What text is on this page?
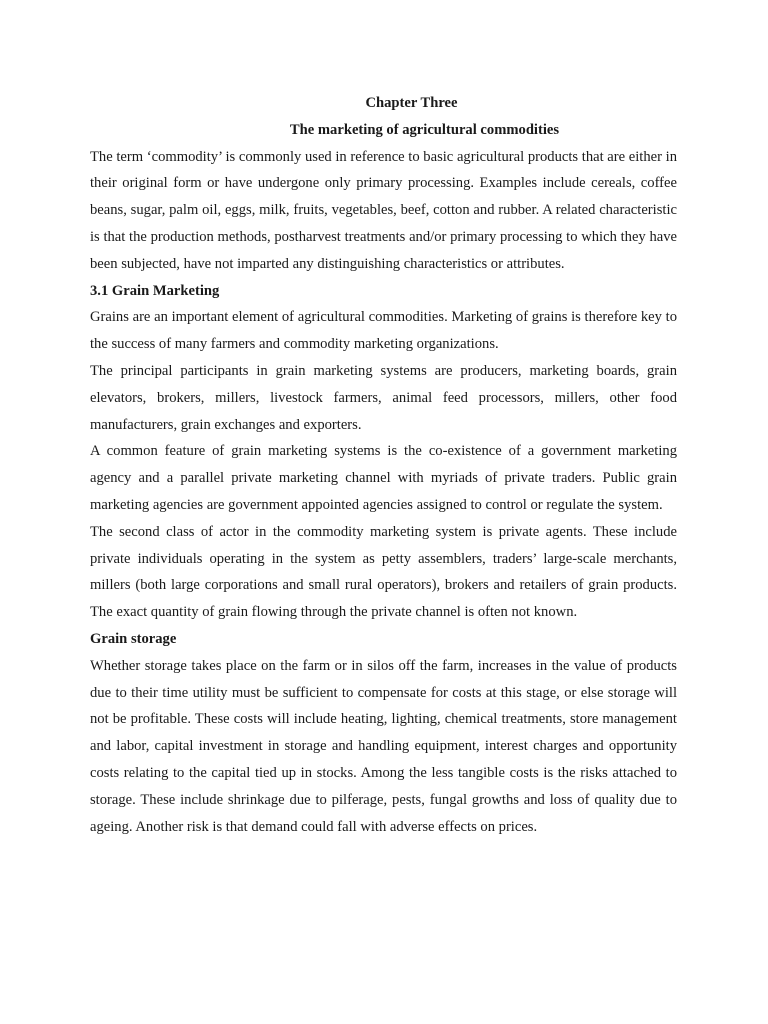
Chapter Three
The marketing of agricultural commodities

The term ‘commodity’ is commonly used in reference to basic agricultural products that are either in their original form or have undergone only primary processing. Examples include cereals, coffee beans, sugar, palm oil, eggs, milk, fruits, vegetables, beef, cotton and rubber. A related characteristic is that the production methods, postharvest treatments and/or primary processing to which they have been subjected, have not imparted any distinguishing characteristics or attributes.

3.1 Grain Marketing

Grains are an important element of agricultural commodities. Marketing of grains is therefore key to the success of many farmers and commodity marketing organizations.

The principal participants in grain marketing systems are producers, marketing boards, grain elevators, brokers, millers, livestock farmers, animal feed processors, millers, other food manufacturers, grain exchanges and exporters.

A common feature of grain marketing systems is the co-existence of a government marketing agency and a parallel private marketing channel with myriads of private traders. Public grain marketing agencies are government appointed agencies assigned to control or regulate the system.

The second class of actor in the commodity marketing system is private agents. These include private individuals operating in the system as petty assemblers, traders’ large-scale merchants, millers (both large corporations and small rural operators), brokers and retailers of grain products. The exact quantity of grain flowing through the private channel is often not known.

Grain storage

Whether storage takes place on the farm or in silos off the farm, increases in the value of products due to their time utility must be sufficient to compensate for costs at this stage, or else storage will not be profitable. These costs will include heating, lighting, chemical treatments, store management and labor, capital investment in storage and handling equipment, interest charges and opportunity costs relating to the capital tied up in stocks. Among the less tangible costs is the risks attached to storage. These include shrinkage due to pilferage, pests, fungal growths and loss of quality due to ageing. Another risk is that demand could fall with adverse effects on prices.
